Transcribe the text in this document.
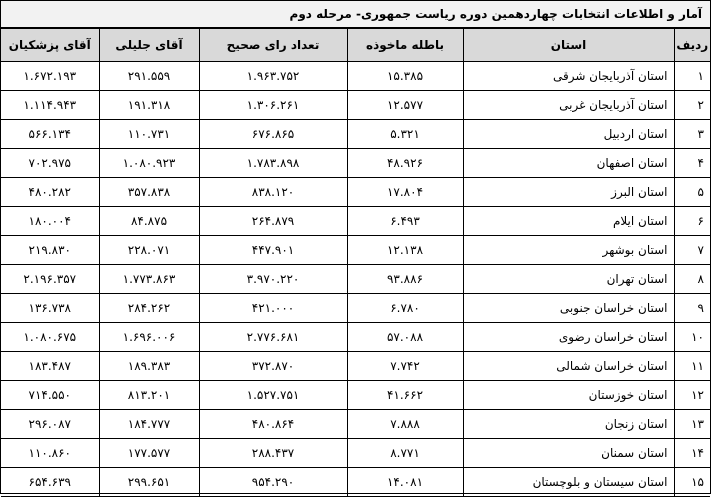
آمار و اطلاعات انتخابات چهاردهمین دوره ریاست جمهوری- مرحله دوم
ردیف	استان	باطله ماخوذه	تعداد رای صحیح	آقای جلیلی	آقای پزشکیان
۱	استان آذربایجان شرقی	۱۵.۳۸۵	۱.۹۶۳.۷۵۲	۲۹۱.۵۵۹	۱.۶۷۲.۱۹۳
۲	استان آذربایجان غربی	۱۲.۵۷۷	۱.۳۰۶.۲۶۱	۱۹۱.۳۱۸	۱.۱۱۴.۹۴۳
۳	استان اردبیل	۵.۳۲۱	۶۷۶.۸۶۵	۱۱۰.۷۳۱	۵۶۶.۱۳۴
۴	استان اصفهان	۴۸.۹۲۶	۱.۷۸۳.۸۹۸	۱.۰۸۰.۹۲۳	۷۰۲.۹۷۵
۵	استان البرز	۱۷.۸۰۴	۸۳۸.۱۲۰	۳۵۷.۸۳۸	۴۸۰.۲۸۲
۶	استان ایلام	۶.۴۹۳	۲۶۴.۸۷۹	۸۴.۸۷۵	۱۸۰.۰۰۴
۷	استان بوشهر	۱۲.۱۳۸	۴۴۷.۹۰۱	۲۲۸.۰۷۱	۲۱۹.۸۳۰
۸	استان تهران	۹۳.۸۸۶	۳.۹۷۰.۲۲۰	۱.۷۷۳.۸۶۳	۲.۱۹۶.۳۵۷
۹	استان خراسان جنوبی	۶.۷۸۰	۴۲۱.۰۰۰	۲۸۴.۲۶۲	۱۳۶.۷۳۸
۱۰	استان خراسان رضوی	۵۷.۰۸۸	۲.۷۷۶.۶۸۱	۱.۶۹۶.۰۰۶	۱.۰۸۰.۶۷۵
۱۱	استان خراسان شمالی	۷.۷۴۲	۳۷۲.۸۷۰	۱۸۹.۳۸۳	۱۸۳.۴۸۷
۱۲	استان خوزستان	۴۱.۶۶۲	۱.۵۲۷.۷۵۱	۸۱۳.۲۰۱	۷۱۴.۵۵۰
۱۳	استان زنجان	۷.۸۸۸	۴۸۰.۸۶۴	۱۸۴.۷۷۷	۲۹۶.۰۸۷
۱۴	استان سمنان	۸.۷۷۱	۲۸۸.۴۳۷	۱۷۷.۵۷۷	۱۱۰.۸۶۰
۱۵	استان سیستان و بلوچستان	۱۴.۰۸۱	۹۵۴.۲۹۰	۲۹۹.۶۵۱	۶۵۴.۶۳۹
